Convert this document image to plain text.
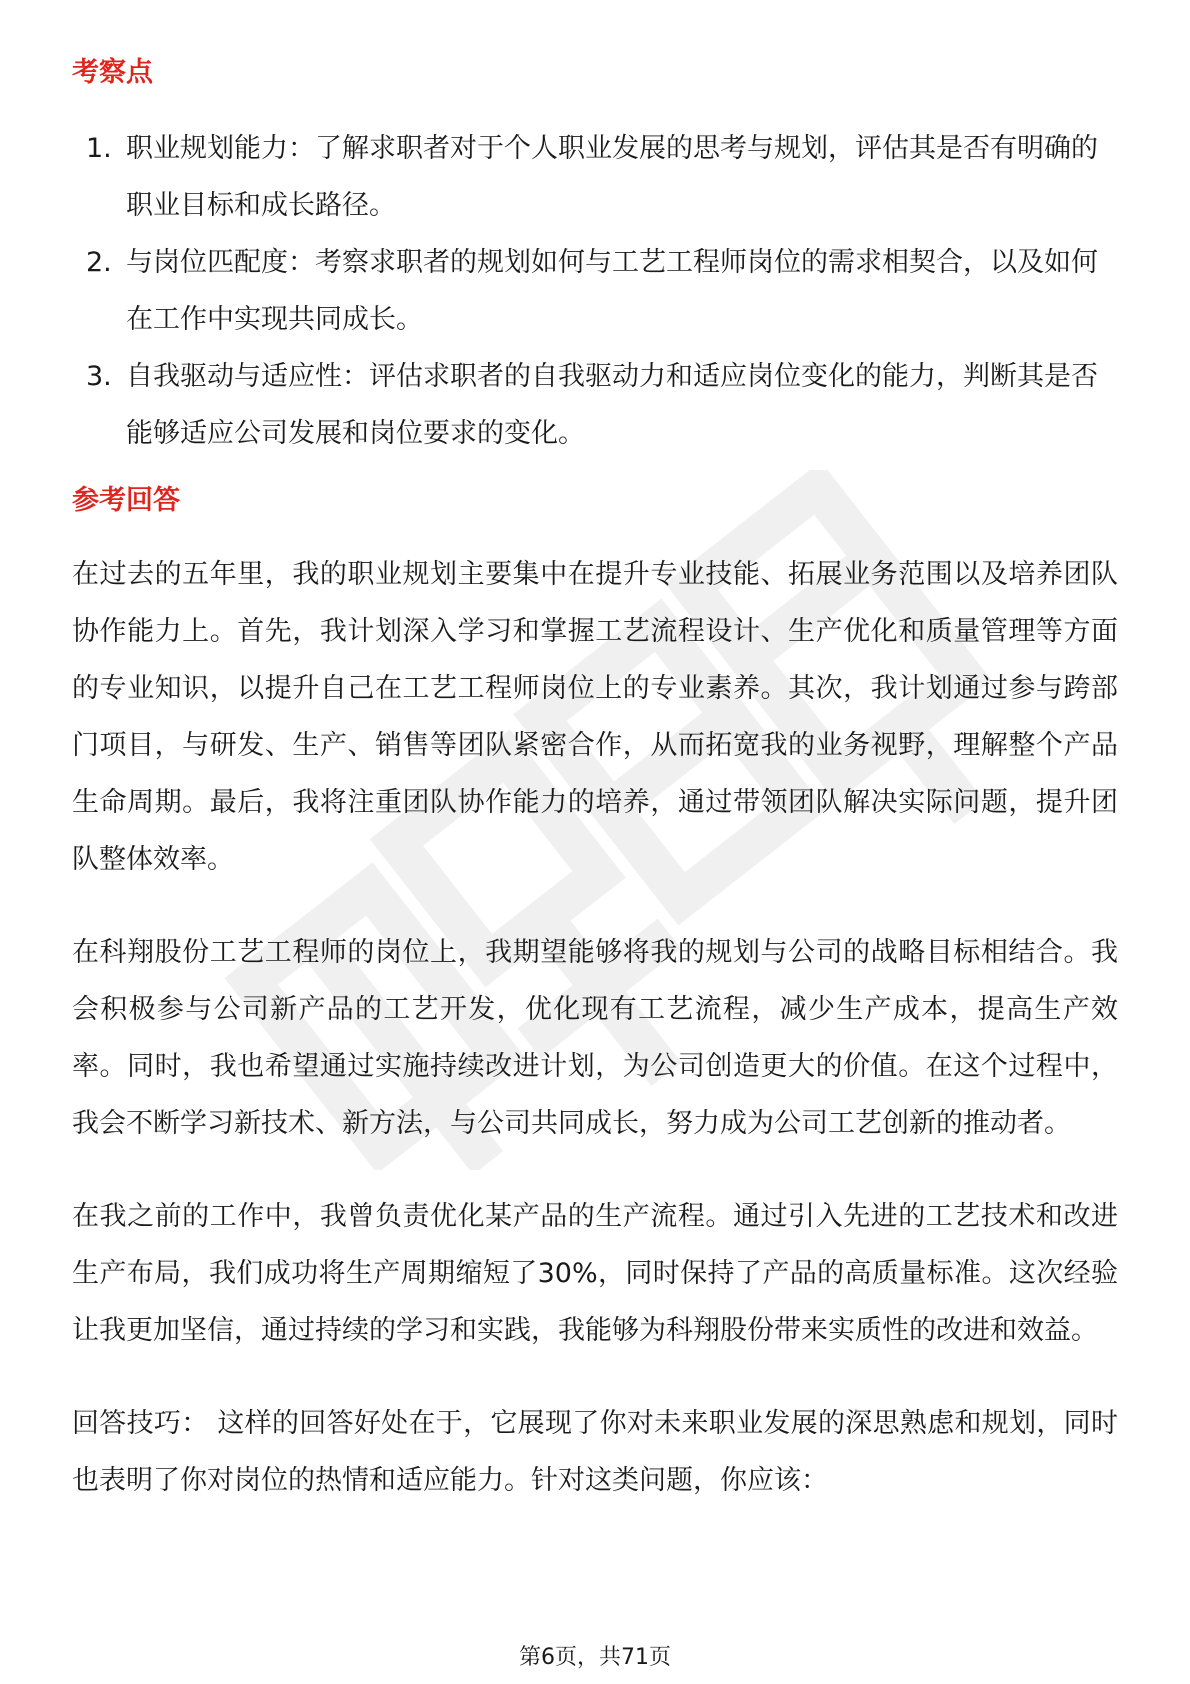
考察点
1. 职业规划能力：了解求职者对于个人职业发展的思考与规划，评估其是否有明确的职业目标和成长路径。
2. 与岗位匹配度：考察求职者的规划如何与工艺工程师岗位的需求相契合，以及如何在工作中实现共同成长。
3. 自我驱动与适应性：评估求职者的自我驱动力和适应岗位变化的能力，判断其是否能够适应公司发展和岗位要求的变化。
参考回答

在过去的五年里，我的职业规划主要集中在提升专业技能、拓展业务范围以及培养团队协作能力上。首先，我计划深入学习和掌握工艺流程设计、生产优化和质量管理等方面的专业知识，以提升自己在工艺工程师岗位上的专业素养。其次，我计划通过参与跨部门项目，与研发、生产、销售等团队紧密合作，从而拓宽我的业务视野，理解整个产品生命周期。最后，我将注重团队协作能力的培养，通过带领团队解决实际问题，提升团队整体效率。

在科翔股份工艺工程师的岗位上，我期望能够将我的规划与公司的战略目标相结合。我会积极参与公司新产品的工艺开发，优化现有工艺流程，减少生产成本，提高生产效率。同时，我也希望通过实施持续改进计划，为公司创造更大的价值。在这个过程中，我会不断学习新技术、新方法，与公司共同成长，努力成为公司工艺创新的推动者。

在我之前的工作中，我曾负责优化某产品的生产流程。通过引入先进的工艺技术和改进生产布局，我们成功将生产周期缩短了30%，同时保持了产品的高质量标准。这次经验让我更加坚信，通过持续的学习和实践，我能够为科翔股份带来实质性的改进和效益。

回答技巧： 这样的回答好处在于，它展现了你对未来职业发展的深思熟虑和规划，同时也表明了你对岗位的热情和适应能力。针对这类问题，你应该：

第6页，共71页
